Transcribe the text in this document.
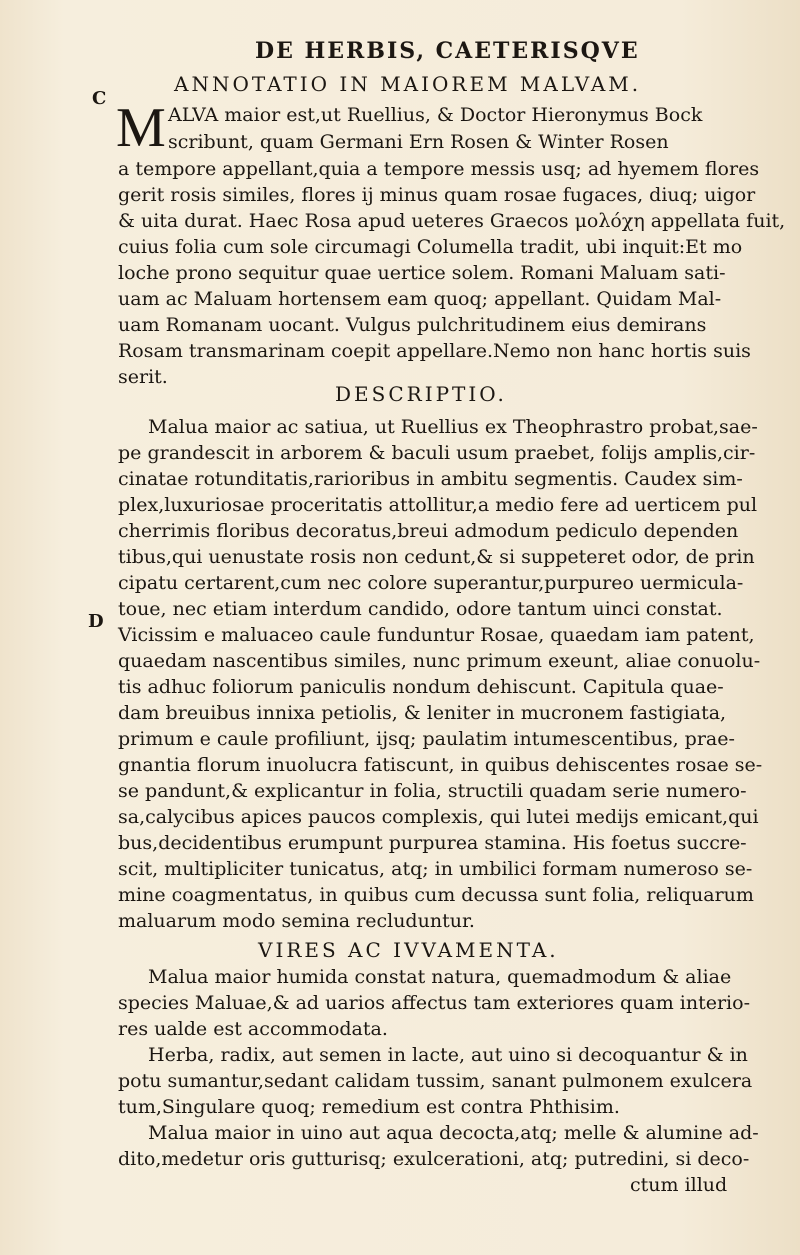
DE HERBIS, CAETERISQVE
C
D
ANNOTATIO IN MAIOREM MALVAM.
M ALVA maior est,ut Ruellius, & Doctor Hieronymus Bock
scribunt, quam Germani Ern Rosen & Winter Rosen
a tempore appellant,quia a tempore messis usq; ad hyemem flores
gerit rosis similes, flores ij minus quam rosae fugaces, diuq; uigor
& uita durat. Haec Rosa apud ueteres Graecos μολόχη appellata fuit,
cuius folia cum sole circumagi Columella tradit, ubi inquit:Et mo
loche prono sequitur quae uertice solem. Romani Maluam sati-
uam ac Maluam hortensem eam quoq; appellant. Quidam Mal-
uam Romanam uocant. Vulgus pulchritudinem eius demirans
Rosam transmarinam coepit appellare.Nemo non hanc hortis suis
serit.
DESCRIPTIO.
Malua maior ac satiua, ut Ruellius ex Theophrastro probat,sae-
pe grandescit in arborem & baculi usum praebet, folijs amplis,cir-
cinatae rotunditatis,rarioribus in ambitu segmentis. Caudex sim-
plex,luxuriosae proceritatis attollitur,a medio fere ad uerticem pul
cherrimis floribus decoratus,breui admodum pediculo dependen
tibus,qui uenustate rosis non cedunt,& si suppeteret odor, de prin
cipatu certarent,cum nec colore superantur,purpureo uermicula-
toue, nec etiam interdum candido, odore tantum uinci constat.
Vicissim e maluaceo caule funduntur Rosae, quaedam iam patent,
quaedam nascentibus similes, nunc primum exeunt, aliae conuolu-
tis adhuc foliorum paniculis nondum dehiscunt. Capitula quae-
dam breuibus innixa petiolis, & leniter in mucronem fastigiata,
primum e caule profiliunt, ijsq; paulatim intumescentibus, prae-
gnantia florum inuolucra fatiscunt, in quibus dehiscentes rosae se-
se pandunt,& explicantur in folia, structili quadam serie numero-
sa,calycibus apices paucos complexis, qui lutei medijs emicant,qui
bus,decidentibus erumpunt purpurea stamina. His foetus succre-
scit, multipliciter tunicatus, atq; in umbilici formam numeroso se-
mine coagmentatus, in quibus cum decussa sunt folia, reliquarum
maluarum modo semina recluduntur.
VIRES AC IVVAMENTA.
Malua maior humida constat natura, quemadmodum & aliae
species Maluae,& ad uarios affectus tam exteriores quam interio-
res ualde est accommodata.
Herba, radix, aut semen in lacte, aut uino si decoquantur & in
potu sumantur,sedant calidam tussim, sanant pulmonem exulcera
tum,Singulare quoq; remedium est contra Phthisim.
Malua maior in uino aut aqua decocta,atq; melle & alumine ad-
dito,medetur oris gutturisq; exulcerationi, atq; putredini, si deco-
ctum illud
